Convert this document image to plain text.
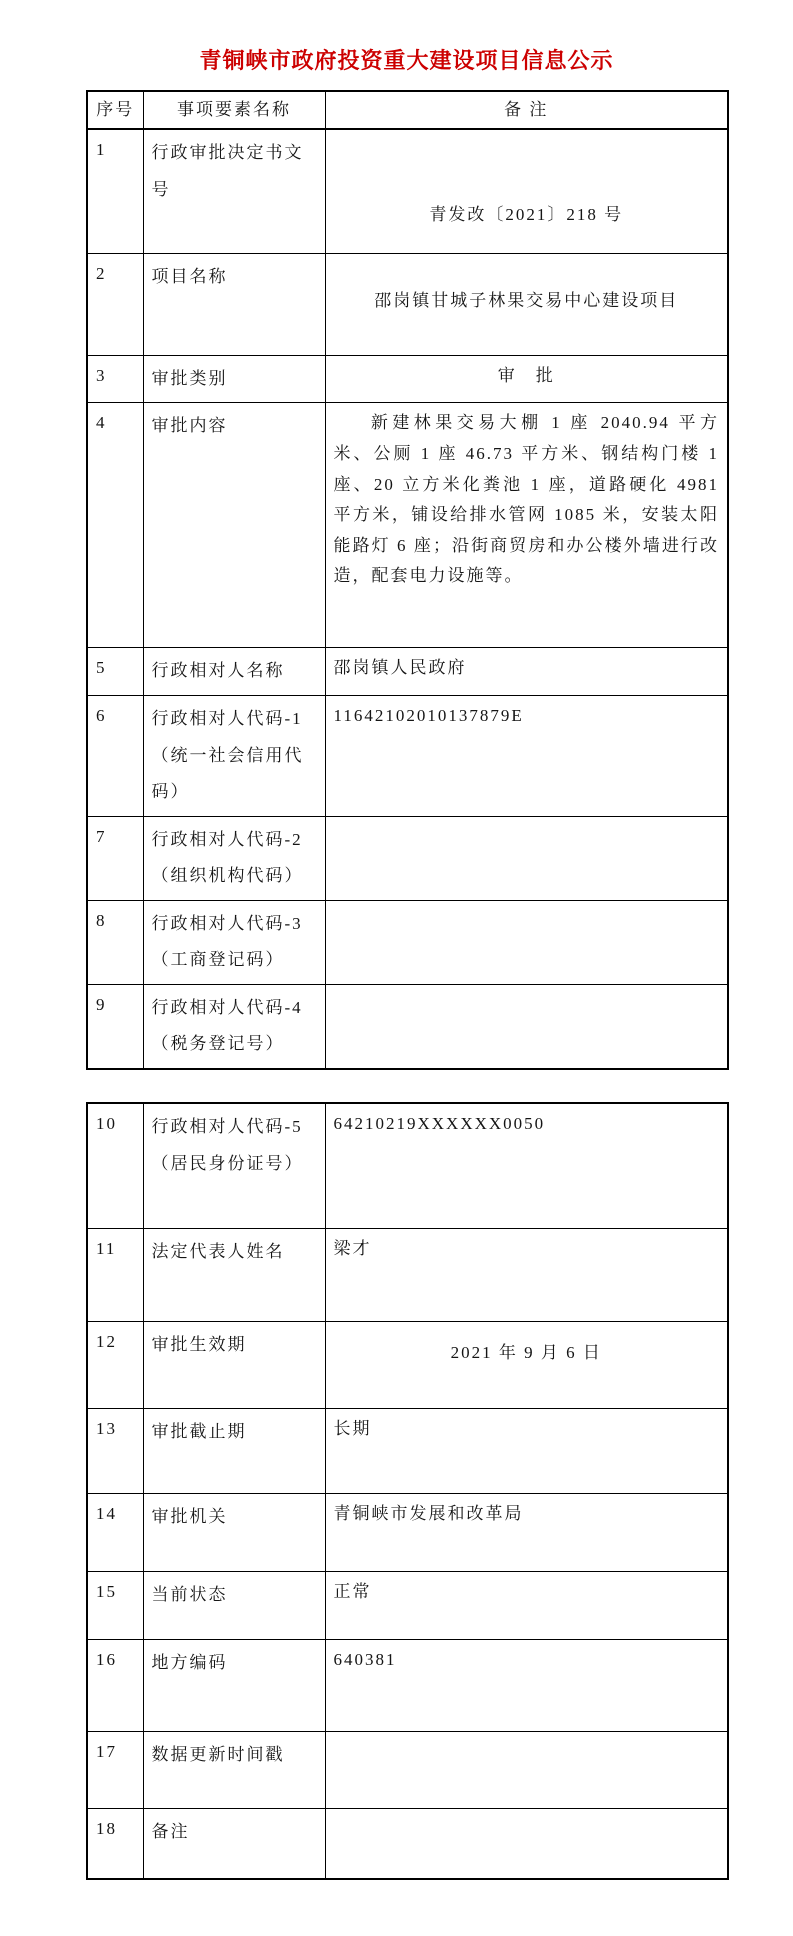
青铜峡市政府投资重大建设项目信息公示
序号	事项要素名称	备 注
1	行政审批决定书文号	青发改〔2021〕218 号
2	项目名称	邵岗镇甘城子林果交易中心建设项目
3	审批类别	审　批
4	审批内容	新建林果交易大棚 1 座 2040.94 平方米、公厕 1 座 46.73 平方米、钢结构门楼 1 座、20 立方米化粪池 1 座，道路硬化 4981 平方米，铺设给排水管网 1085 米，安装太阳能路灯 6 座；沿街商贸房和办公楼外墙进行改造，配套电力设施等。
5	行政相对人名称	邵岗镇人民政府
6	行政相对人代码-1（统一社会信用代码）	11642102010137879E
7	行政相对人代码-2（组织机构代码）	
8	行政相对人代码-3（工商登记码）	
9	行政相对人代码-4（税务登记号）	
10	行政相对人代码-5（居民身份证号）	64210219XXXXXX0050
11	法定代表人姓名	梁才
12	审批生效期	2021 年 9 月 6 日
13	审批截止期	长期
14	审批机关	青铜峡市发展和改革局
15	当前状态	正常
16	地方编码	640381
17	数据更新时间戳	
18	备注	
